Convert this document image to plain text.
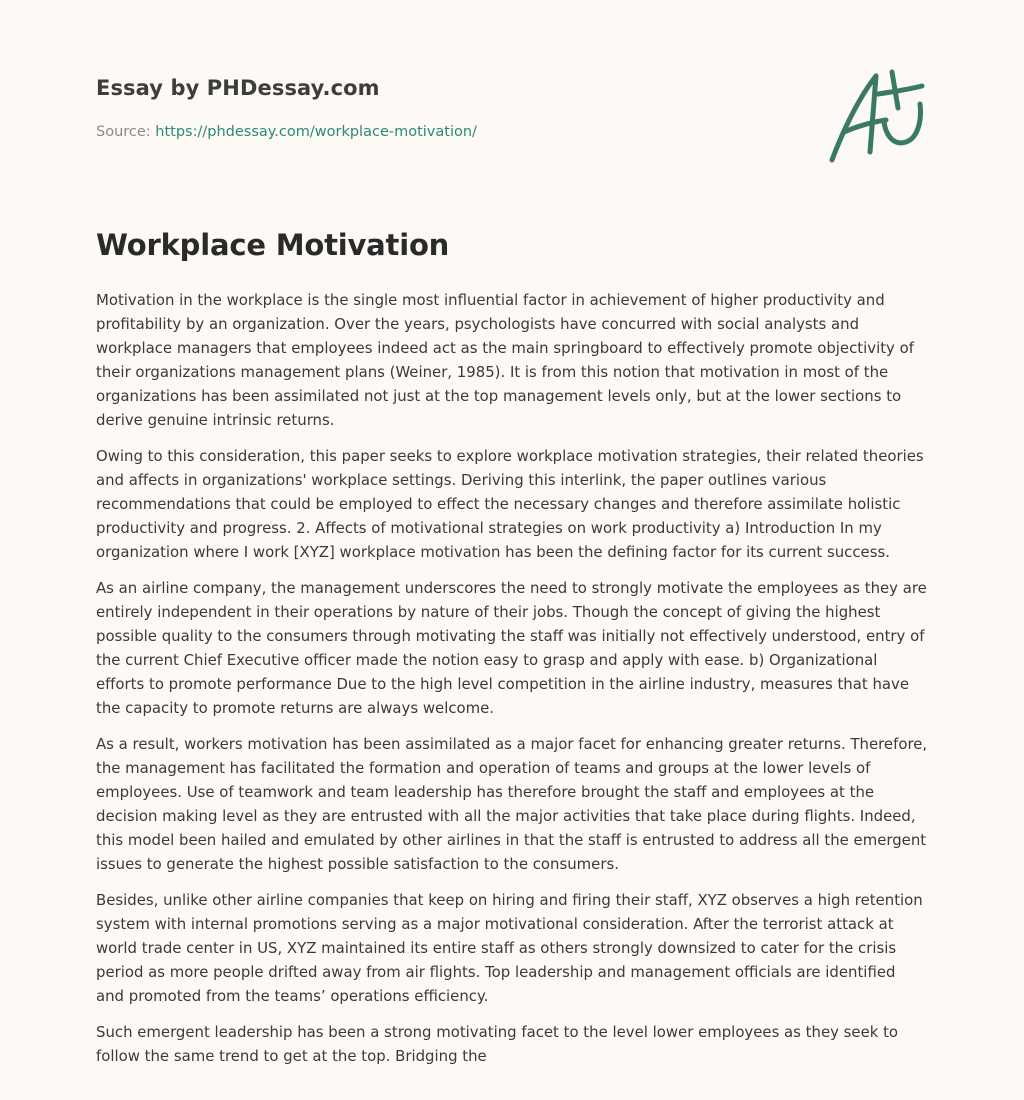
Essay by PHDessay.com
Source: https://phdessay.com/workplace-motivation/
Workplace Motivation

Motivation in the workplace is the single most influential factor in achievement of higher productivity and profitability by an organization. Over the years, psychologists have concurred with social analysts and workplace managers that employees indeed act as the main springboard to effectively promote objectivity of their organizations management plans (Weiner, 1985). It is from this notion that motivation in most of the organizations has been assimilated not just at the top management levels only, but at the lower sections to derive genuine intrinsic returns.

Owing to this consideration, this paper seeks to explore workplace motivation strategies, their related theories and affects in organizations' workplace settings. Deriving this interlink, the paper outlines various recommendations that could be employed to effect the necessary changes and therefore assimilate holistic productivity and progress. 2. Affects of motivational strategies on work productivity a) Introduction In my organization where I work [XYZ] workplace motivation has been the defining factor for its current success.

As an airline company, the management underscores the need to strongly motivate the employees as they are entirely independent in their operations by nature of their jobs. Though the concept of giving the highest possible quality to the consumers through motivating the staff was initially not effectively understood, entry of the current Chief Executive officer made the notion easy to grasp and apply with ease. b) Organizational efforts to promote performance Due to the high level competition in the airline industry, measures that have the capacity to promote returns are always welcome.

As a result, workers motivation has been assimilated as a major facet for enhancing greater returns. Therefore, the management has facilitated the formation and operation of teams and groups at the lower levels of employees. Use of teamwork and team leadership has therefore brought the staff and employees at the decision making level as they are entrusted with all the major activities that take place during flights. Indeed, this model been hailed and emulated by other airlines in that the staff is entrusted to address all the emergent issues to generate the highest possible satisfaction to the consumers.

Besides, unlike other airline companies that keep on hiring and firing their staff, XYZ observes a high retention system with internal promotions serving as a major motivational consideration. After the terrorist attack at world trade center in US, XYZ maintained its entire staff as others strongly downsized to cater for the crisis period as more people drifted away from air flights. Top leadership and management officials are identified and promoted from the teams’ operations efficiency.

Such emergent leadership has been a strong motivating facet to the level lower employees as they seek to follow the same trend to get at the top. Bridging the
